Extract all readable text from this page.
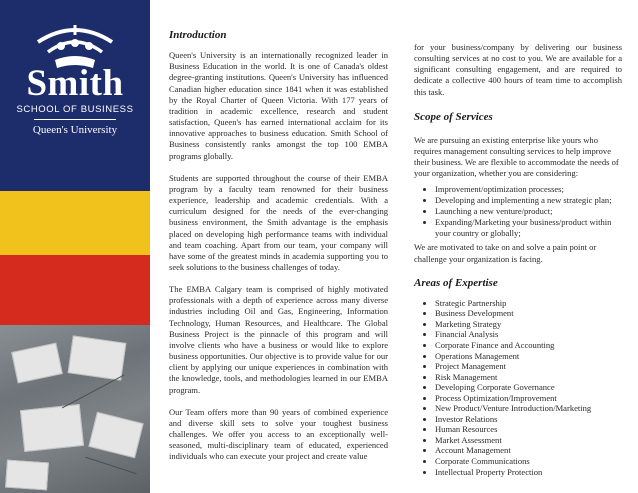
Smith
SCHOOL OF BUSINESS
Queen's University
Introduction

Queen's University is an internationally recognized leader in Business Education in the world. It is one of Canada's oldest degree-granting institutions. Queen's University has influenced Canadian higher education since 1841 when it was established by the Royal Charter of Queen Victoria. With 177 years of tradition in academic excellence, research and student satisfaction, Queen's has earned international acclaim for its innovative approaches to business education. Smith School of Business consistently ranks amongst the top 100 EMBA programs globally.

Students are supported throughout the course of their EMBA program by a faculty team renowned for their business experience, leadership and academic credentials. With a curriculum designed for the needs of the ever-changing business environment, the Smith advantage is the emphasis placed on developing high performance teams with individual and team coaching. Apart from our team, your company will have some of the greatest minds in academia supporting you to seek solutions to the business challenges of today.

The EMBA Calgary team is comprised of highly motivated professionals with a depth of experience across many diverse industries including Oil and Gas, Engineering, Information Technology, Human Resources, and Healthcare. The Global Business Project is the pinnacle of this program and will involve clients who have a business or would like to explore business opportunities. Our objective is to provide value for our client by applying our unique experiences in combination with the knowledge, tools, and methodologies learned in our EMBA program.

Our Team offers more than 90 years of combined experience and diverse skill sets to solve your toughest business challenges. We offer you access to an exceptionally well-seasoned, multi-disciplinary team of educated, experienced individuals who can execute your project and create value

for your business/company by delivering our business consulting services at no cost to you. We are available for a significant consulting engagement, and are required to dedicate a collective 400 hours of team time to accomplish this task.

Scope of Services

We are pursuing an existing enterprise like yours who requires management consulting services to help improve their business. We are flexible to accommodate the needs of your organization, whether you are considering:

• Improvement/optimization processes;
• Developing and implementing a new strategic plan;
• Launching a new venture/product;
• Expanding/Marketing your business/product within your country or globally;

We are motivated to take on and solve a pain point or challenge your organization is facing.

Areas of Expertise
• Strategic Partnership
• Business Development
• Marketing Strategy
• Financial Analysis
• Corporate Finance and Accounting
• Operations Management
• Project Management
• Risk Management
• Developing Corporate Governance
• Process Optimization/Improvement
• New Product/Venture Introduction/Marketing
• Investor Relations
• Human Resources
• Market Assessment
• Account Management
• Corporate Communications
• Intellectual Property Protection
